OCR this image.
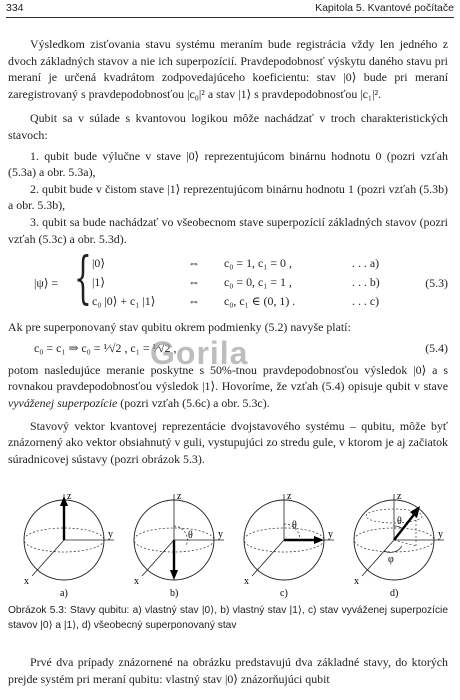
334	Kapitola 5. Kvantové počítače

Výsledkom zisťovania stavu systému meraním bude registrácia vždy len jedného z dvoch základných stavov a nie ich superpozícií. Pravdepodobnosť výskytu daného stavu pri meraní je určená kvadrátom zodpovedajúceho koeficientu: stav |0⟩ bude pri meraní zaregistrovaný s pravdepodobnosťou |c₀|² a stav |1⟩ s pravdepodobnosťou |c₁|².

Qubit sa v súlade s kvantovou logikou môže nachádzať v troch charakteristických stavoch:

1. qubit bude výlučne v stave |0⟩ reprezentujúcom binárnu hodnotu 0 (pozri vzťah (5.3a) a obr. 5.3a),

2. qubit bude v čistom stave |1⟩ reprezentujúcom binárnu hodnotu 1 (pozri vzťah (5.3b) a obr. 5.3b),

3. qubit sa bude nachádzať vo všeobecnom stave superpozícií základných stavov (pozri vzťah (5.3c) a obr. 5.3d).

|ψ⟩ = { |0⟩	⇔ c₀ = 1, c₁ = 0 ,	. . . a)
|1⟩	⇔ c₀ = 0, c₁ = 1 ,	. . . b)
c₀ |0⟩ + c₁ |1⟩	⇔ c₀, c₁ ∈ (0, 1) .	. . . c)
(5.3)

Ak pre superponovaný stav qubitu okrem podmienky (5.2) navyše platí:

c₀ = c₁ ⇒ c₀ = ¹⁄√2 , c₁ = ¹⁄√2 ,	(5.4)

potom nasledujúce meranie poskytne s 50%-tnou pravdepodobnosťou výsledok |0⟩ a s rovnakou pravdepodobnosťou výsledok |1⟩. Hovoríme, že vzťah (5.4) opisuje qubit v stave vyváženej superpozície (pozri vzťah (5.6c) a obr. 5.3c).

Stavový vektor kvantovej reprezentácie dvojstavového systému – qubitu, môže byť znázornený ako vektor obsiahnutý v guli, vystupujúci zo stredu gule, v ktorom je aj začiatok súradnicovej sústavy (pozri obrázok 5.3).

Gorila
z
y
x
a)
θ
z
y
x
b)
θ
z
y
x
c)
θ
φ
z
y
x
d)
Obrázok 5.3: Stavy qubitu: a) vlastný stav |0⟩, b) vlastný stav |1⟩, c) stav vyváženej superpozície stavov |0⟩ a |1⟩, d) všeobecný superponovaný stav

Prvé dva prípady znázornené na obrázku predstavujú dva základné stavy, do ktorých prejde systém pri meraní qubitu: vlastný stav |0⟩ znázorňujúci qubit
